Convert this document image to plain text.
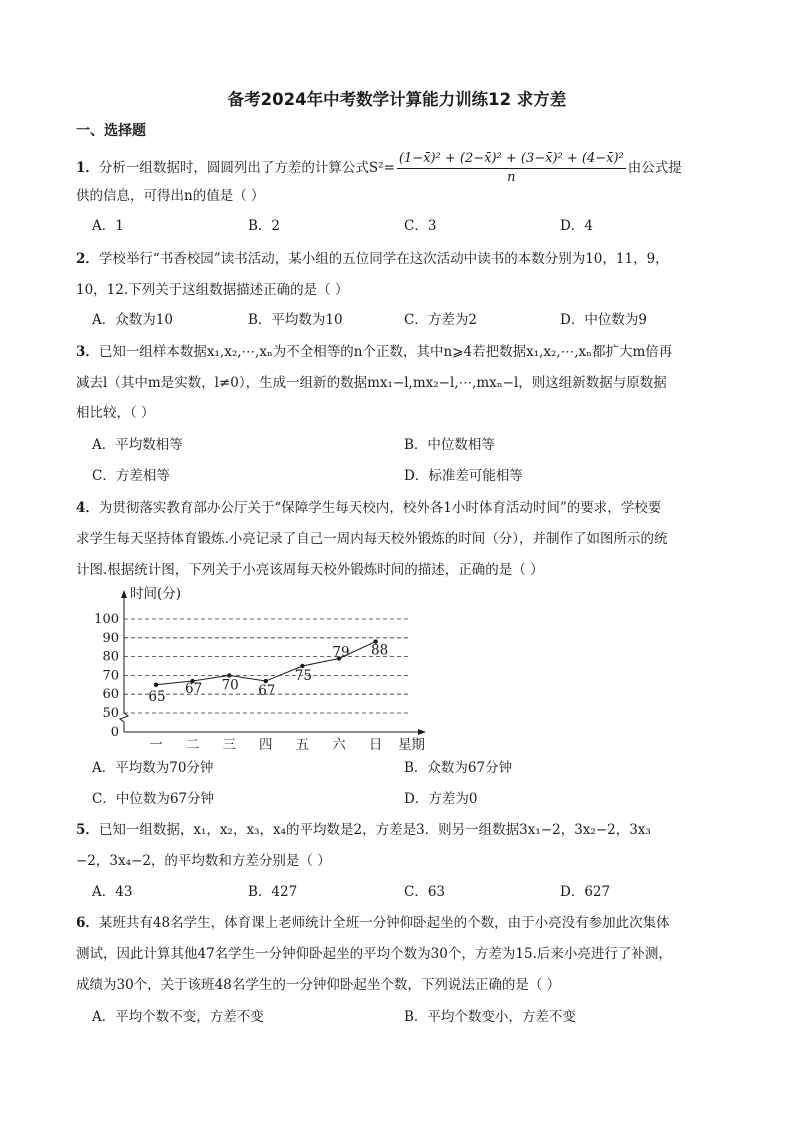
备考2024年中考数学计算能力训练12 求方差
一、选择题
1．分析一组数据时，圆圆列出了方差的计算公式$S^2= \frac{\text{(1−x̄)² + (2−x̄)² + (3−x̄)² + (4−x̄)²}}{n}$ 由公式提
供的信息，可得出n的值是（ ）
A．1	B．2	C．3	D．4
2．学校举行“书香校园”读书活动，某小组的五位同学在这次活动中读书的本数分别为10，11，9，
10，12.下列关于这组数据描述正确的是（ ）
A．众数为10	B．平均数为10	C．方差为2	D．中位数为9
3．已知一组样本数据x₁,x₂,⋯,xₙ为不全相等的n个正数，其中n⩾4若把数据x₁,x₂,⋯,xₙ都扩大m倍再
减去l（其中m是实数，l≠0），生成一组新的数据mx₁−l,mx₂−l,⋯,mxₙ−l，则这组新数据与原数据
相比较，（ ）
A．平均数相等	B．中位数相等
C．方差相等	D．标准差可能相等
4．为贯彻落实教育部办公厅关于“保障学生每天校内，校外各1小时体育活动时间”的要求，学校要
求学生每天坚持体育锻炼.小亮记录了自己一周内每天校外锻炼的时间（分），并制作了如图所示的统
计图.根据统计图，下列关于小亮该周每天校外锻炼时间的描述，正确的是（ ）
0
50
60
70
80
90
100
时间(分)
星期
一 二 三 四 五 六 日
65 67 70 67
75
79 88
A．平均数为70分钟	B．众数为67分钟
C．中位数为67分钟	D．方差为0
5．已知一组数据，x₁，x₂，x₃，x₄的平均数是2，方差是3．则另一组数据3x₁−2，3x₂−2，3x₃
−2，3x₄−2，的平均数和方差分别是（ ）
A．43	B．427	C．63	D．627
6．某班共有48名学生，体育课上老师统计全班一分钟仰卧起坐的个数，由于小亮没有参加此次集体
测试，因此计算其他47名学生一分钟仰卧起坐的平均个数为30个，方差为15.后来小亮进行了补测，
成绩为30个，关于该班48名学生的一分钟仰卧起坐个数，下列说法正确的是（ ）
A．平均个数不变，方差不变	B．平均个数变小，方差不变
